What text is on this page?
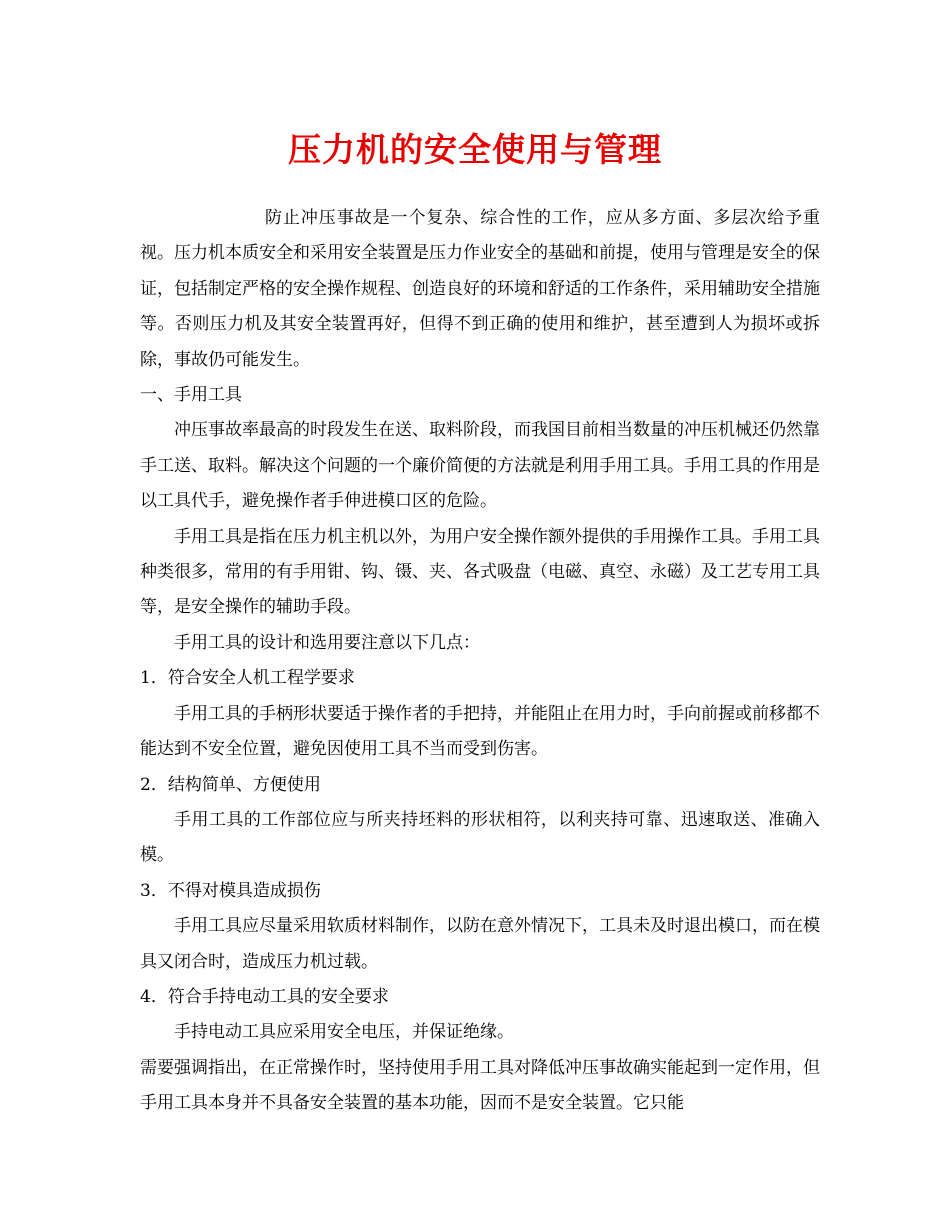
压力机的安全使用与管理

防止冲压事故是一个复杂、综合性的工作，应从多方面、多层次给予重视。压力机本质安全和采用安全装置是压力作业安全的基础和前提，使用与管理是安全的保证，包括制定严格的安全操作规程、创造良好的环境和舒适的工作条件，采用辅助安全措施等。否则压力机及其安全装置再好，但得不到正确的使用和维护，甚至遭到人为损坏或拆除，事故仍可能发生。

一、手用工具

冲压事故率最高的时段发生在送、取料阶段，而我国目前相当数量的冲压机械还仍然靠手工送、取料。解决这个问题的一个廉价简便的方法就是利用手用工具。手用工具的作用是以工具代手，避免操作者手伸进模口区的危险。

手用工具是指在压力机主机以外，为用户安全操作额外提供的手用操作工具。手用工具种类很多，常用的有手用钳、钩、镊、夹、各式吸盘（电磁、真空、永磁）及工艺专用工具等，是安全操作的辅助手段。

手用工具的设计和选用要注意以下几点：

1．符合安全人机工程学要求

手用工具的手柄形状要适于操作者的手把持，并能阻止在用力时，手向前握或前移都不能达到不安全位置，避免因使用工具不当而受到伤害。

2．结构简单、方便使用

手用工具的工作部位应与所夹持坯料的形状相符，以利夹持可靠、迅速取送、准确入模。

3．不得对模具造成损伤

手用工具应尽量采用软质材料制作，以防在意外情况下，工具未及时退出模口，而在模具又闭合时，造成压力机过载。

4．符合手持电动工具的安全要求

手持电动工具应采用安全电压，并保证绝缘。

需要强调指出，在正常操作时，坚持使用手用工具对降低冲压事故确实能起到一定作用，但手用工具本身并不具备安全装置的基本功能，因而不是安全装置。它只能
